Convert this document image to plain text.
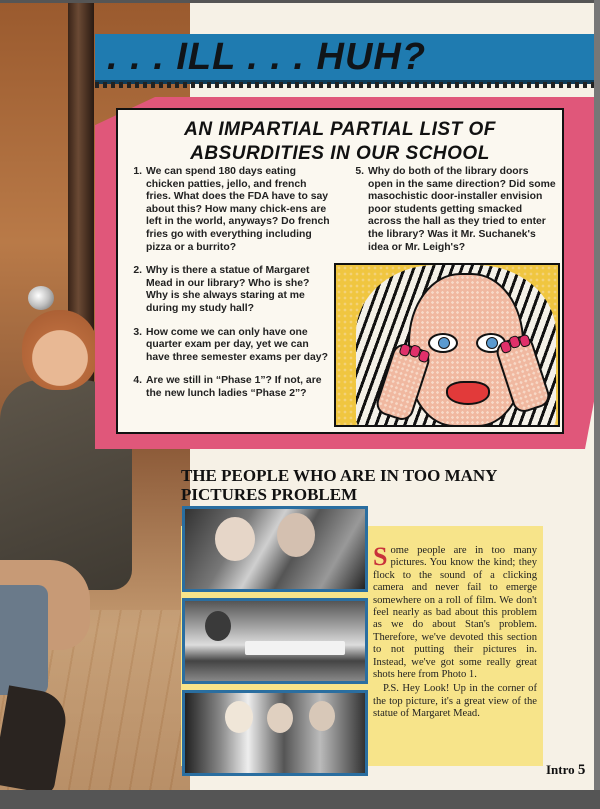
. . . ILL . . . HUH?
AN IMPARTIAL PARTIAL LIST OF
ABSURDITIES IN OUR SCHOOL
1. We can spend 180 days eating chicken patties, jello, and french fries. What does the FDA have to say about this? How many chick-ens are left in the world, anyways? Do french fries go with everything including pizza or a burrito?
2. Why is there a statue of Margaret Mead in our library? Who is she? Why is she always staring at me during my study hall?
3. How come we can only have one quarter exam per day, yet we can have three semester exams per day?
4. Are we still in “Phase 1”? If not, are the new lunch ladies “Phase 2”?
5. Why do both of the library doors open in the same direction? Did some masochistic door-installer envision poor students getting smacked across the hall as they tried to enter the library? Was it Mr. Suchanek's idea or Mr. Leigh's?
THE PEOPLE WHO ARE IN TOO MANY
PICTURES PROBLEM

Some people are in too many pictures. You know the kind; they flock to the sound of a clicking camera and never fail to emerge somewhere on a roll of film. We don't feel nearly as bad about this problem as we do about Stan's problem. Therefore, we've devoted this section to not putting their pictures in. Instead, we've got some really great shots here from Photo 1.

P.S. Hey Look! Up in the corner of the top picture, it's a great view of the statue of Margaret Mead.

Intro 5
